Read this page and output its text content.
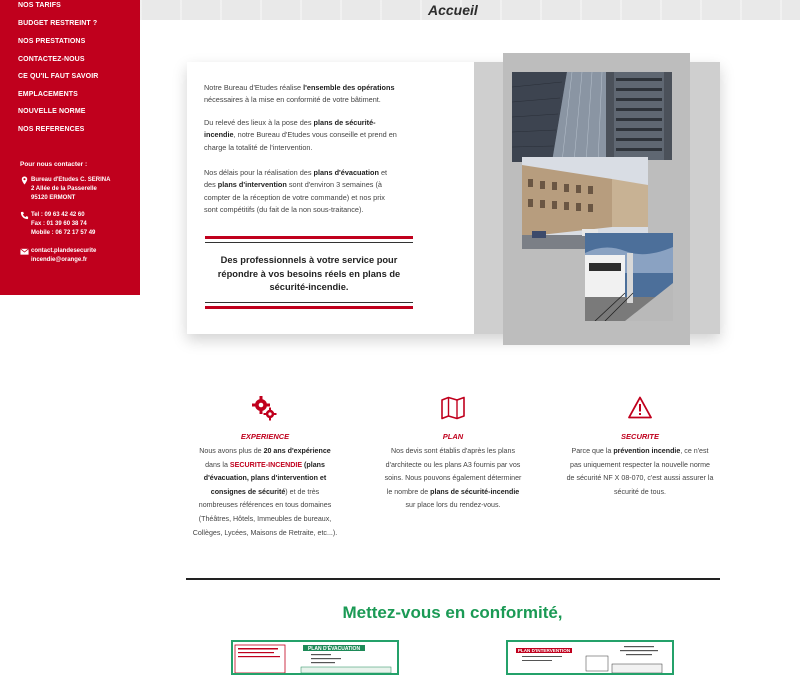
NOS TARIFS
BUDGET RESTREINT ?
NOS PRESTATIONS
CONTACTEZ-NOUS
CE QU'IL FAUT SAVOIR
EMPLACEMENTS
NOUVELLE NORME
NOS REFERENCES
Pour nous contacter :
Bureau d'Etudes C. SERINA
2 Allée de la Passerelle
95120 ERMONT
Tel : 09 63 42 42 60
Fax : 01 39 60 38 74
Mobile : 06 72 17 57 49
contact.plandesecurite
incendie@orange.fr
Accueil
Notre Bureau d'Etudes réalise l'ensemble des opérations
nécessaires à la mise en conformité de votre bâtiment.
Du relevé des lieux à la pose des plans de sécurité-
incendie, notre Bureau d'Etudes vous conseille et prend en
charge la totalité de l'intervention.
Nos délais pour la réalisation des plans d'évacuation et
des plans d'intervention sont d'environ 3 semaines (à
compter de la réception de votre commande) et nos prix
sont compétitifs (du fait de la non sous-traitance).
Des professionnels à votre service pour
répondre à vos besoins réels en plans de
sécurité-incendie.
EXPERIENCE
Nous avons plus de 20 ans d'expérience
dans la SECURITE-INCENDIE (plans
d'évacuation, plans d'intervention et
consignes de sécurité) et de très
nombreuses références en tous domaines
(Théâtres, Hôtels, Immeubles de bureaux,
Collèges, Lycées, Maisons de Retraite, etc...).
PLAN
Nos devis sont établis d'après les plans
d'architecte ou les plans A3 fournis par vos
soins. Nous pouvons également déterminer
le nombre de plans de sécurité-incendie
sur place lors du rendez-vous.
SECURITE
Parce que la prévention incendie, ce n'est
pas uniquement respecter la nouvelle norme
de sécurité NF X 08-070, c'est aussi assurer la
sécurité de tous.
Mettez-vous en conformité,
PLAN D'ÉVACUATION	PLAN D'INTERVENTION
